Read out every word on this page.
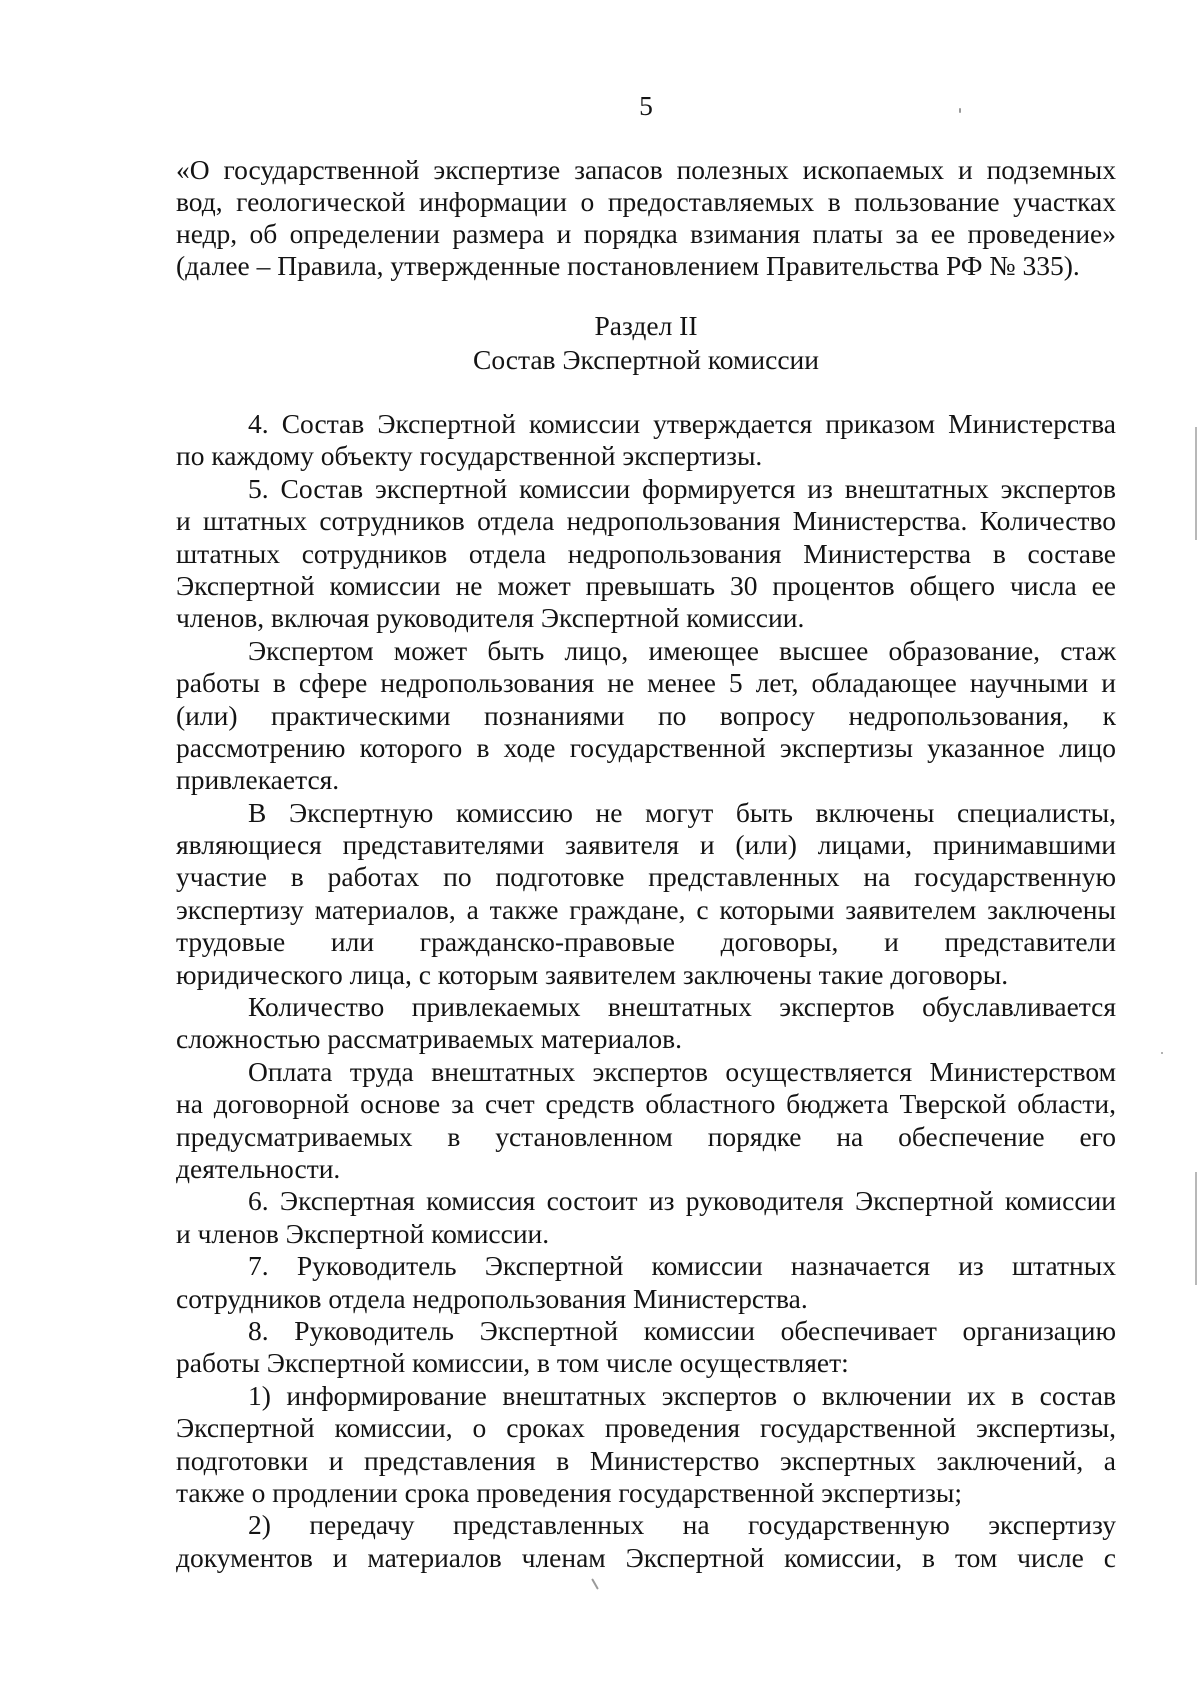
5
«О государственной экспертизе запасов полезных ископаемых и подземных
вод, геологической информации о предоставляемых в пользование участках
недр, об определении размера и порядка взимания платы за ее проведение»
(далее – Правила, утвержденные постановлением Правительства РФ № 335).
Раздел II
Состав Экспертной комиссии
4. Состав Экспертной комиссии утверждается приказом Министерства
по каждому объекту государственной экспертизы.
5. Состав экспертной комиссии формируется из внештатных экспертов
и штатных сотрудников отдела недропользования Министерства. Количество
штатных сотрудников отдела недропользования Министерства в составе
Экспертной комиссии не может превышать 30 процентов общего числа ее
членов, включая руководителя Экспертной комиссии.
Экспертом может быть лицо, имеющее высшее образование, стаж
работы в сфере недропользования не менее 5 лет, обладающее научными и
(или) практическими познаниями по вопросу недропользования, к
рассмотрению которого в ходе государственной экспертизы указанное лицо
привлекается.
В Экспертную комиссию не могут быть включены специалисты,
являющиеся представителями заявителя и (или) лицами, принимавшими
участие в работах по подготовке представленных на государственную
экспертизу материалов, а также граждане, с которыми заявителем заключены
трудовые или гражданско-правовые договоры, и представители
юридического лица, с которым заявителем заключены такие договоры.
Количество привлекаемых внештатных экспертов обуславливается
сложностью рассматриваемых материалов.
Оплата труда внештатных экспертов осуществляется Министерством
на договорной основе за счет средств областного бюджета Тверской области,
предусматриваемых в установленном порядке на обеспечение его
деятельности.
6. Экспертная комиссия состоит из руководителя Экспертной комиссии
и членов Экспертной комиссии.
7. Руководитель Экспертной комиссии назначается из штатных
сотрудников отдела недропользования Министерства.
8. Руководитель Экспертной комиссии обеспечивает организацию
работы Экспертной комиссии, в том числе осуществляет:
1) информирование внештатных экспертов о включении их в состав
Экспертной комиссии, о сроках проведения государственной экспертизы,
подготовки и представления в Министерство экспертных заключений, а
также о продлении срока проведения государственной экспертизы;
2) передачу представленных на государственную экспертизу
документов и материалов членам Экспертной комиссии, в том числе с
